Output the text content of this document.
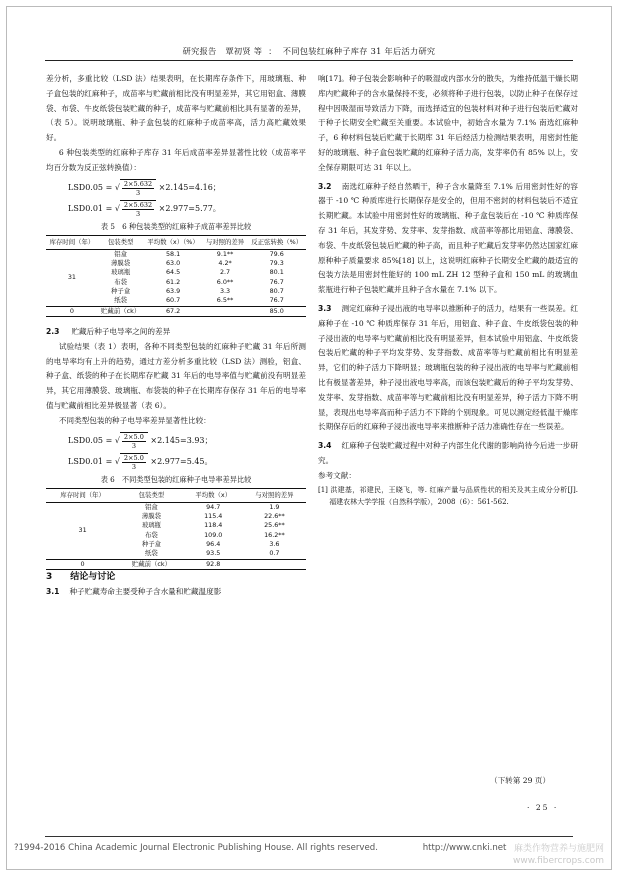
研究报告 覃初贤 等 ： 不同包装红麻种子库存 31 年后活力研究

差分析，多重比较（LSD 法）结果表明，在长期库存条件下，用玻璃瓶、种子盒包装的红麻种子，成苗率与贮藏前相比没有明显差异，其它用铝盒、薄膜袋、布袋、牛皮纸袋包装贮藏的种子，成苗率与贮藏前相比具有显著的差异，（表 5）。说明玻璃瓶、种子盒包装的红麻种子成苗率高，活力高贮藏效果好。

6 种包装类型的红麻种子库存 31 年后成苗率差异显著性比较（成苗率平均百分数为反正弦转换值）：

LSD0.05 = √ $\frac{2\times 5.632}{3} \times 2.145=4.16$；
LSD0.01 = √ $\frac{2\times 5.632}{3} \times 2.977=5.77$。
表 5　6 种包装类型的红麻种子成苗率差异比较
库存时间（年）	包装类型	平均数（x）（%）	与对照的差异	反正弦转换（%）
31	铝盒	58.1	9.1**	79.6
	薄膜袋	63.0	4.2*	79.3
	玻璃瓶	64.5	2.7	80.1
	布袋	61.2	6.0**	76.7
	种子盒	63.9	3.3	80.7
	纸袋	60.7	6.5**	76.7
0	贮藏前（ck）	67.2		85.0

2.3 贮藏后种子电导率之间的差异

试验结果（表 1）表明，各种不同类型包装的红麻种子贮藏 31 年后所测的电导率均有上升的趋势，通过方差分析多重比较（LSD 法）测验，铝盒、种子盒、纸袋的种子在长期库存贮藏 31 年后的电导率值与贮藏前没有明显差异，其它用薄膜袋、玻璃瓶、布袋装的种子在长期库存保存 31 年后的电导率值与贮藏前相比差异极显著（表 6）。

不同类型包装的种子电导率差异显著性比较：

LSD0.05 = √ $\frac{2\times 5.0}{3} \times 2.145=3.93$；
LSD0.01 = √ $\frac{2\times 5.0}{3} \times 2.977=5.45$。
表 6　不同类型包装的红麻种子电导率差异比较
库存时间（年）	包装类型	平均数（x）	与对照的差异
31	铝盒	94.7	1.9
	薄膜袋	115.4	22.6**
	玻璃瓶	118.4	25.6**
	布袋	109.0	16.2**
	种子盒	96.4	3.6
	纸袋	93.5	0.7
0	贮藏前（ck）	92.8	

3 结论与讨论

3.1 种子贮藏寿命主要受种子含水量和贮藏温度影

响[17]。种子包装会影响种子的吸湿或内部水分的散失，为维持低温干燥长期库内贮藏种子的含水量保持不变，必须将种子进行包装，以防止种子在保存过程中因吸湿而导致活力下降，而选择适宜的包装材料对种子进行包装后贮藏对于种子长期安全贮藏至关重要。本试验中，初始含水量为 7.1% 南选红麻种子，6 种材料包装后贮藏于长期库 31 年后经活力检测结果表明，用密封性能好的玻璃瓶、种子盒包装贮藏的红麻种子活力高，发芽率仍有 85% 以上，安全保存期限可达 31 年以上。

3.2 南选红麻种子经自然晒干，种子含水量降至 7.1% 后用密封性好的容器于 -10 ℃ 种质库进行长期保存是安全的，但用不密封的材料包装后不适宜长期贮藏。本试验中用密封性好的玻璃瓶、种子盒包装后在 -10 ℃ 种质库保存 31 年后，其发芽势、发芽率、发芽指数、成苗率等都比用铝盒、薄膜袋、布袋、牛皮纸袋包装后贮藏的种子高，而且种子贮藏后发芽率仍然达国家红麻原种种子质量要求 85%[18] 以上，这说明红麻种子长期安全贮藏的最适宜的包装方法是用密封性能好的 100 mL ZH 12 型种子盒和 150 mL 的玻璃血浆瓶进行种子包装贮藏并且种子含水量在 7.1% 以下。

3.3 测定红麻种子浸出液的电导率以推断种子的活力，结果有一些误差。红麻种子在 -10 ℃ 种质库保存 31 年后，用铝盒、种子盒、牛皮纸袋包装的种子浸出液的电导率与贮藏前相比没有明显差异，但本试验中用铝盒、牛皮纸袋包装后贮藏的种子平均发芽势、发芽指数、成苗率等与贮藏前相比有明显差异，它们的种子活力下降明显；玻璃瓶包装的种子浸出液的电导率与贮藏前相比有极显著差异，种子浸出液电导率高，而该包装贮藏后的种子平均发芽势、发芽率、发芽指数、成苗率等与贮藏前相比没有明显差异，种子活力下降不明显，表现出电导率高而种子活力不下降的个别现象。可见以测定经低温干燥库长期保存后的红麻种子浸出液电导率来推断种子活力准确性存在一些误差。

3.4 红麻种子包装贮藏过程中对种子内部生化代谢的影响尚待今后进一步研究。

参考文献：

[1] 洪建基，祁建民，王晓飞，等. 红麻产量与品质性状的相关及其主成分分析[J]. 福建农林大学学报（自然科学版），2008（6）：561-562.

（下转第 29 页）
· 25 ·
?1994-2016 China Academic Journal Electronic Publishing House. All rights reserved.	http://www.cnki.net 麻类作物营养与施肥网
www.fibercrops.com
